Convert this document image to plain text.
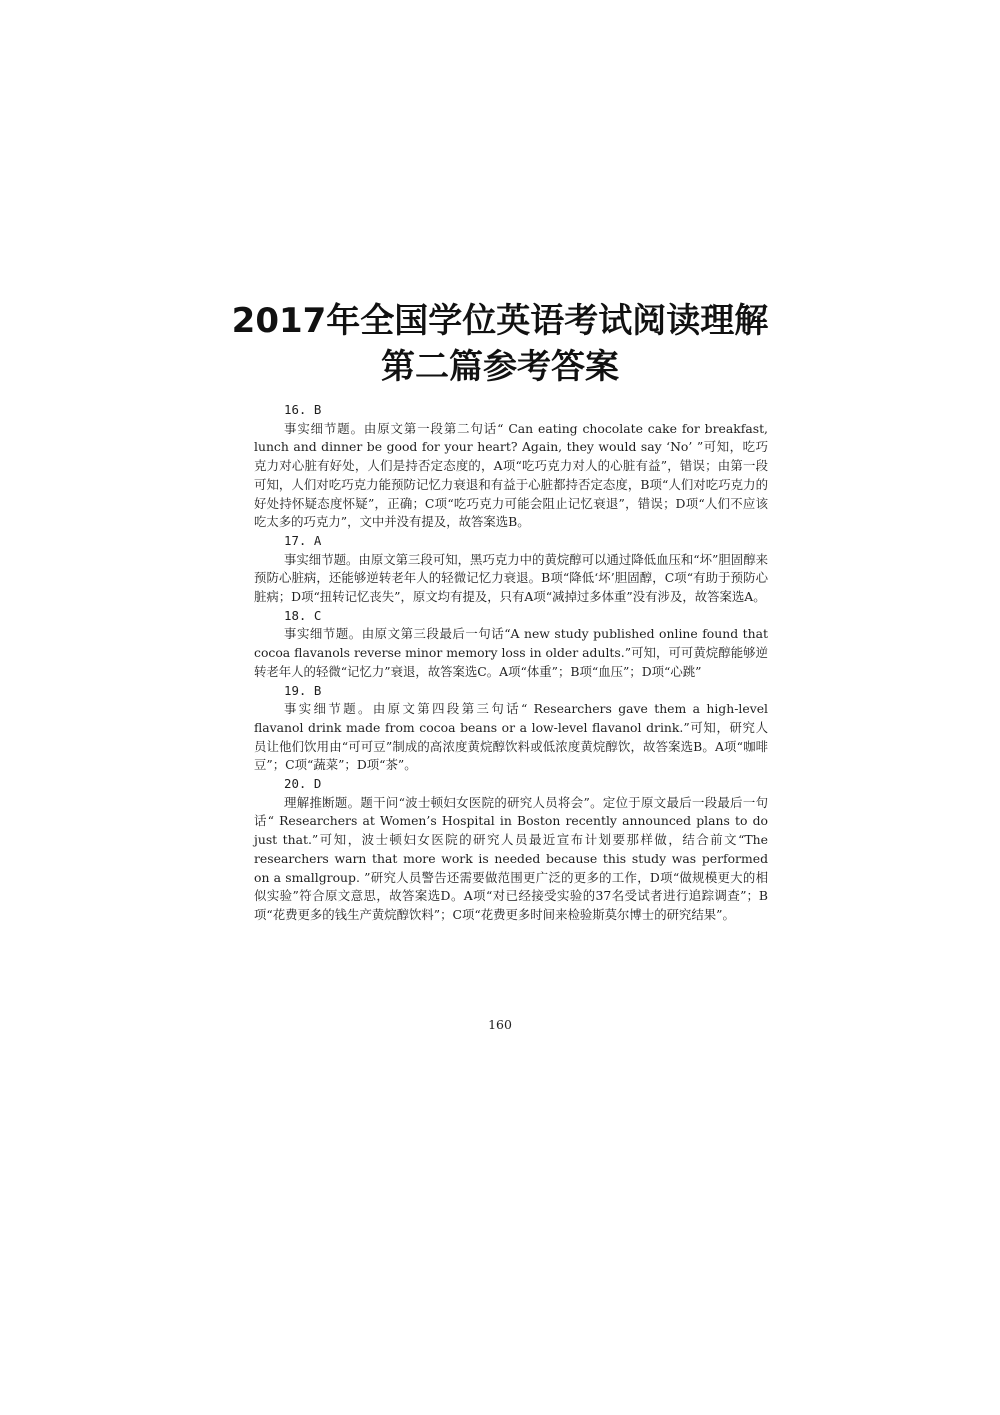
2017年全国学位英语考试阅读理解
第二篇参考答案

16. B

事实细节题。由原文第一段第二句话“ Can eating chocolate cake for breakfast, lunch and dinner be good for your heart? Again, they would say ‘No’ ”可知，吃巧克力对心脏有好处，人们是持否定态度的，A项“吃巧克力对人的心脏有益”，错误；由第一段可知，人们对吃巧克力能预防记忆力衰退和有益于心脏都持否定态度，B项“人们对吃巧克力的好处持怀疑态度怀疑”，正确；C项“吃巧克力可能会阻止记忆衰退”，错误；D项“人们不应该吃太多的巧克力”，文中并没有提及，故答案选B。

17. A

事实细节题。由原文第三段可知，黑巧克力中的黄烷醇可以通过降低血压和“坏”胆固醇来预防心脏病，还能够逆转老年人的轻微记忆力衰退。B项“降低‘坏’胆固醇，C项“有助于预防心脏病；D项“扭转记忆丧失”，原文均有提及，只有A项“减掉过多体重”没有涉及，故答案选A。

18. C

事实细节题。由原文第三段最后一句话“A new study published online found that cocoa flavanols reverse minor memory loss in older adults.”可知，可可黄烷醇能够逆转老年人的轻微“记忆力”衰退，故答案选C。A项“体重”；B项“血压”；D项“心跳”

19. B

事实细节题。由原文第四段第三句话“ Researchers gave them a high-level flavanol drink made from cocoa beans or a low-level flavanol drink.”可知，研究人员让他们饮用由“可可豆”制成的高浓度黄烷醇饮料或低浓度黄烷醇饮，故答案选B。A项“咖啡豆”；C项“蔬菜”；D项“茶”。

20. D

理解推断题。题干问“波士顿妇女医院的研究人员将会”。定位于原文最后一段最后一句话“ Researchers at Women’s Hospital in Boston recently announced plans to do just that.”可知，波士顿妇女医院的研究人员最近宣布计划要那样做，结合前文“The researchers warn that more work is needed because this study was performed on a smallgroup. ”研究人员警告还需要做范围更广泛的更多的工作，D项“做规模更大的相似实验”符合原文意思，故答案选D。A项“对已经接受实验的37名受试者进行追踪调查”；B项“花费更多的钱生产黄烷醇饮料”；C项“花费更多时间来检验斯莫尔博士的研究结果”。

160
